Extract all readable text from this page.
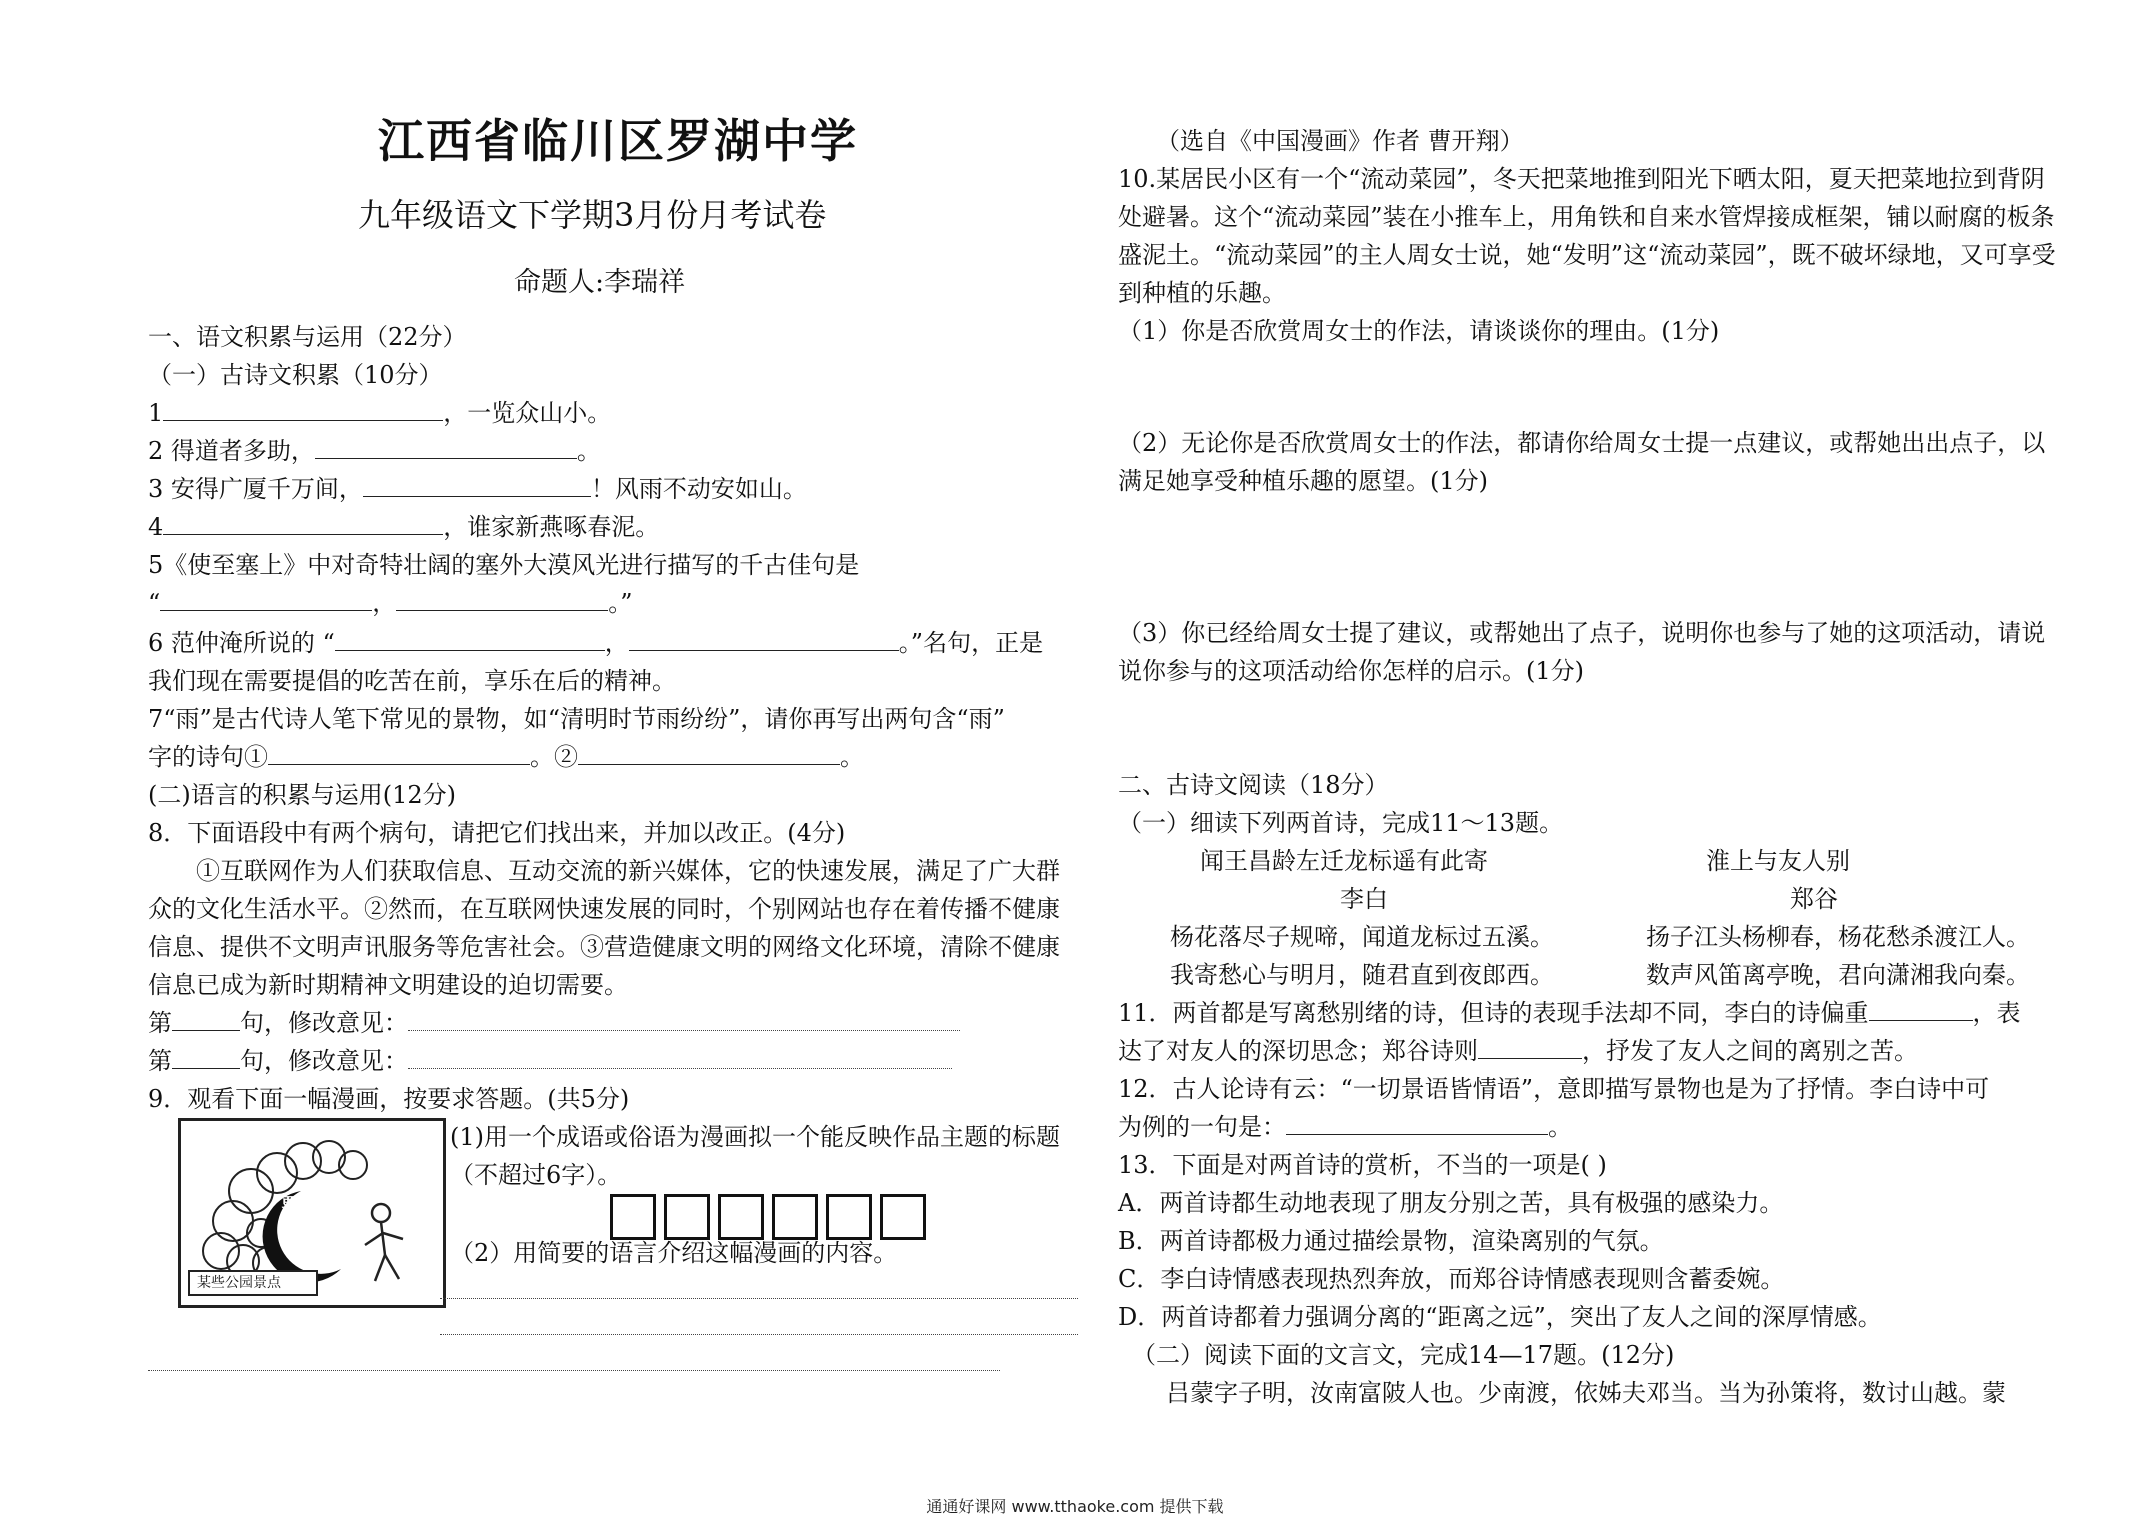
江西省临川区罗湖中学
九年级语文下学期3月份月考试卷
命题人:李瑞祥
一、语文积累与运用（22分）
（一）古诗文积累（10分）
1	，一览众山小。
2 得道者多助，	。
3 安得广厦千万间，	！风雨不动安如山。
4	，谁家新燕啄春泥。
5《使至塞上》中对奇特壮阔的塞外大漠风光进行描写的千古佳句是
“	，	。”
6 范仲淹所说的 “	，	。”名句，正是
我们现在需要提倡的吃苦在前，享乐在后的精神。
7“雨”是古代诗人笔下常见的景物，如“清明时节雨纷纷”，请你再写出两句含“雨”
字的诗句①	。②	。
(二)语言的积累与运用(12分)
8．下面语段中有两个病句，请把它们找出来，并加以改正。(4分)
①互联网作为人们获取信息、互动交流的新兴媒体，它的快速发展，满足了广大群众的文化生活水平。②然而，在互联网快速发展的同时，个别网站也存在着传播不健康信息、提供不文明声讯服务等危害社会。③营造健康文明的网络文化环境，清除不健康信息已成为新时期精神文明建设的迫切需要。
第	句，修改意见：
第	句，修改意见：
9．观看下面一幅漫画，按要求答题。(共5分)
票价
某些公园景点
(1)用一个成语或俗语为漫画拟一个能反映作品主题的标题（不超过6字）。
（2）用简要的语言介绍这幅漫画的内容。
（选自《中国漫画》作者 曹开翔）
10.某居民小区有一个“流动菜园”，冬天把菜地推到阳光下晒太阳，夏天把菜地拉到背阴处避暑。这个“流动菜园”装在小推车上，用角铁和自来水管焊接成框架，铺以耐腐的板条盛泥土。“流动菜园”的主人周女士说，她“发明”这“流动菜园”，既不破坏绿地，又可享受到种植的乐趣。
（1）你是否欣赏周女士的作法，请谈谈你的理由。(1分)
（2）无论你是否欣赏周女士的作法，都请你给周女士提一点建议，或帮她出出点子，以满足她享受种植乐趣的愿望。(1分)
（3）你已经给周女士提了建议，或帮她出了点子，说明你也参与了她的这项活动，请说说你参与的这项活动给你怎样的启示。(1分)
二、古诗文阅读（18分）
（一）细读下列两首诗，完成11～13题。
闻王昌龄左迁龙标遥有此寄	淮上与友人别
李白	郑谷
杨花落尽子规啼，闻道龙标过五溪。	扬子江头杨柳春，杨花愁杀渡江人。
我寄愁心与明月，随君直到夜郎西。	数声风笛离亭晚，君向潇湘我向秦。
11．两首都是写离愁别绪的诗，但诗的表现手法却不同，李白的诗偏重	，表
达了对友人的深切思念；郑谷诗则	，抒发了友人之间的离别之苦。
12．古人论诗有云：“一切景语皆情语”，意即描写景物也是为了抒情。李白诗中可
为例的一句是：	。
13．下面是对两首诗的赏析，不当的一项是( )
A．两首诗都生动地表现了朋友分别之苦，具有极强的感染力。
B．两首诗都极力通过描绘景物，渲染离别的气氛。
C．李白诗情感表现热烈奔放，而郑谷诗情感表现则含蓄委婉。
D．两首诗都着力强调分离的“距离之远”，突出了友人之间的深厚情感。
（二）阅读下面的文言文，完成14—17题。(12分)
吕蒙字子明，汝南富陂人也。少南渡，依姊夫邓当。当为孙策将，数讨山越。蒙
通通好课网 www.tthaoke.com 提供下载
